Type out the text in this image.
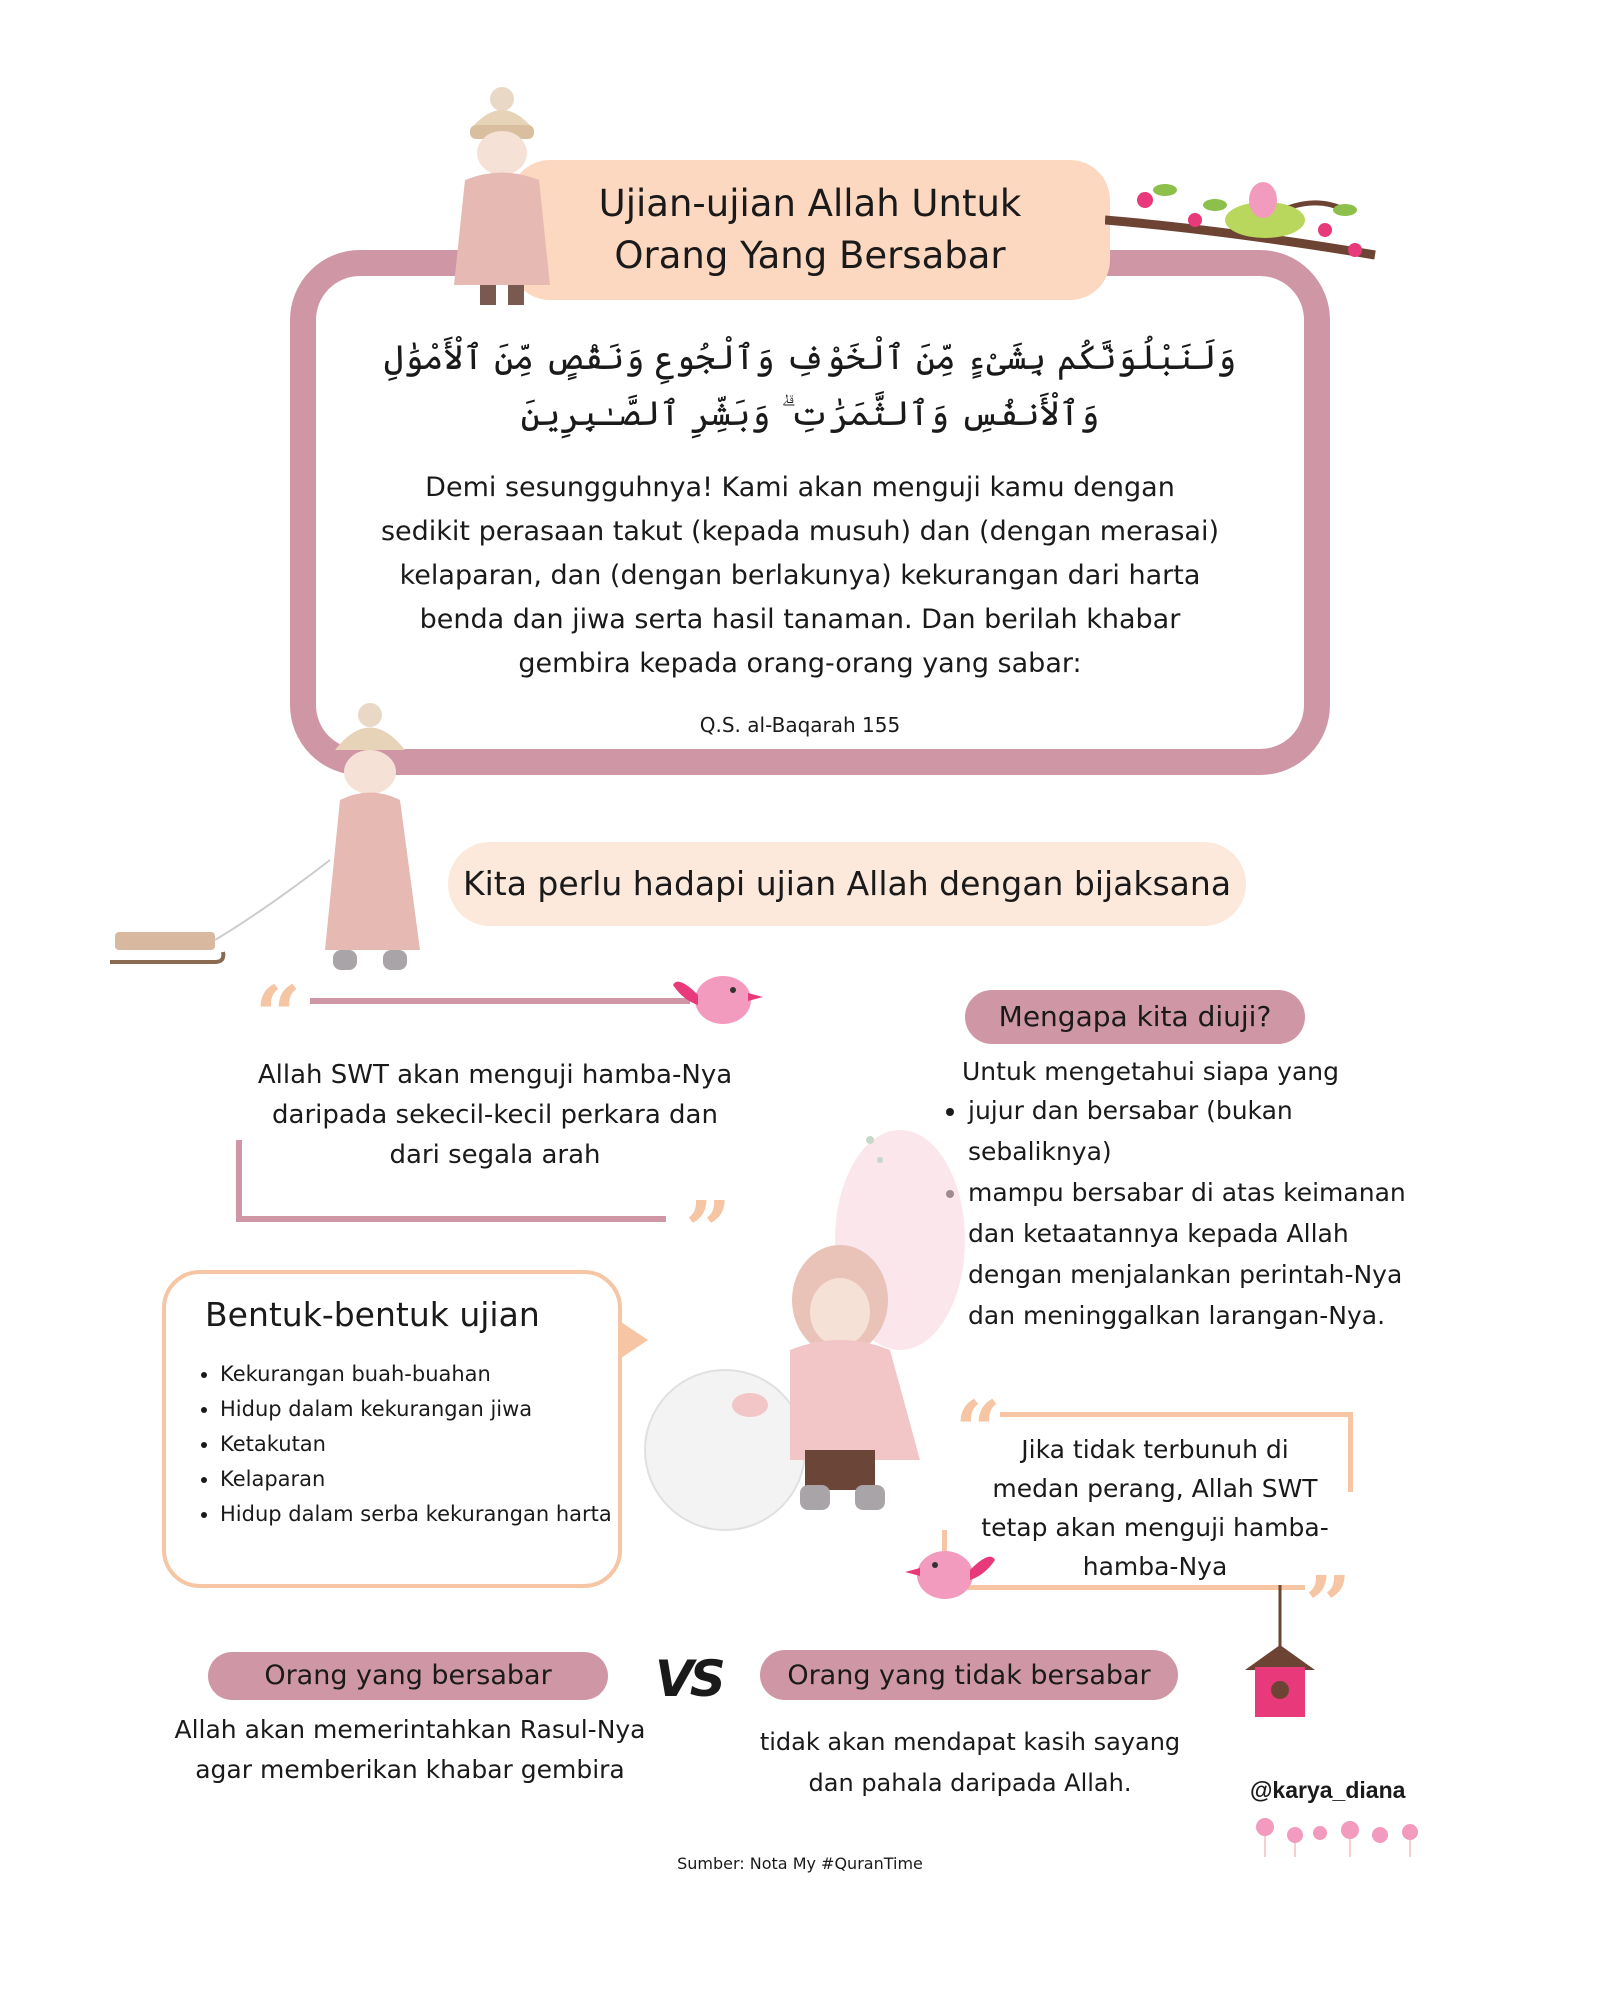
Ujian-ujian Allah Untuk
Orang Yang Bersabar
وَلَنَبْلُوَنَّكُم بِشَىْءٍ مِّنَ ٱلْخَوْفِ وَٱلْجُوعِ وَنَقْصٍ مِّنَ ٱلْأَمْوَٰلِ وَٱلْأَنفُسِ وَٱلثَّمَرَٰتِ ۗ وَبَشِّرِ ٱلصَّـٰبِرِينَ
Demi sesungguhnya! Kami akan menguji kamu dengan sedikit perasaan takut (kepada musuh) dan (dengan merasai) kelaparan, dan (dengan berlakunya) kekurangan dari harta benda dan jiwa serta hasil tanaman. Dan berilah khabar gembira kepada orang-orang yang sabar:
Q.S. al-Baqarah 155
Kita perlu hadapi ujian Allah dengan bijaksana
“
”
Allah SWT akan menguji hamba-Nya daripada sekecil-kecil perkara dan dari segala arah
Mengapa kita diuji?
Untuk mengetahui siapa yang
• jujur dan bersabar (bukan sebaliknya)
• mampu bersabar di atas keimanan dan ketaatannya kepada Allah dengan menjalankan perintah-Nya dan meninggalkan larangan-Nya.
Bentuk-bentuk ujian
• Kekurangan buah-buahan
• Hidup dalam kekurangan jiwa
• Ketakutan
• Kelaparan
• Hidup dalam serba kekurangan harta
“
”
Jika tidak terbunuh di medan perang, Allah SWT tetap akan menguji hamba-hamba-Nya
Orang yang bersabar
Allah akan memerintahkan Rasul-Nya agar memberikan khabar gembira
VS	Orang yang tidak bersabar
tidak akan mendapat kasih sayang dan pahala daripada Allah.	@karya_diana
Sumber: Nota My #QuranTime
